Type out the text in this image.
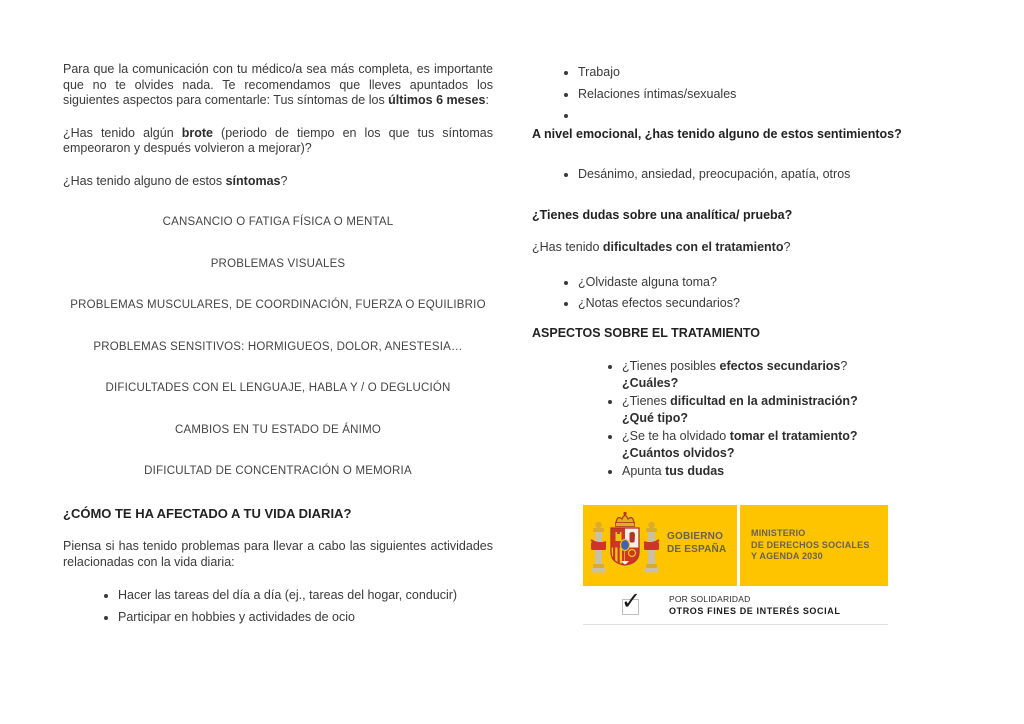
Para que la comunicación con tu médico/a sea más completa, es importante que no te olvides nada. Te recomendamos que lleves apuntados los siguientes aspectos para comentarle: Tus síntomas de los últimos 6 meses:

¿Has tenido algún brote (periodo de tiempo en los que tus síntomas empeoraron y después volvieron a mejorar)?

¿Has tenido alguno de estos síntomas?

CANSANCIO O FATIGA FÍSICA O MENTAL

PROBLEMAS VISUALES

PROBLEMAS MUSCULARES, DE COORDINACIÓN, FUERZA O EQUILIBRIO

PROBLEMAS SENSITIVOS: HORMIGUEOS, DOLOR, ANESTESIA…

DIFICULTADES CON EL LENGUAJE, HABLA Y / O DEGLUCIÓN

CAMBIOS EN TU ESTADO DE ÁNIMO

DIFICULTAD DE CONCENTRACIÓN O MEMORIA

¿CÓMO TE HA AFECTADO A TU VIDA DIARIA?

Piensa si has tenido problemas para llevar a cabo las siguientes actividades relacionadas con la vida diaria:

• Hacer las tareas del día a día (ej., tareas del hogar, conducir)
• Participar en hobbies y actividades de ocio
• Trabajo
• Relaciones íntimas/sexuales
•
A nivel emocional, ¿has tenido alguno de estos sentimientos?
• Desánimo, ansiedad, preocupación, apatía, otros
¿Tienes dudas sobre una analítica/ prueba?

¿Has tenido dificultades con el tratamiento?

• ¿Olvidaste alguna toma?
• ¿Notas efectos secundarios?
ASPECTOS SOBRE EL TRATAMIENTO
• ¿Tienes posibles efectos secundarios?
¿Cuáles?
• ¿Tienes dificultad en la administración?
¿Qué tipo?
• ¿Se te ha olvidado tomar el tratamiento?
¿Cuántos olvidos?
• Apunta tus dudas
GOBIERNO
DE ESPAÑA
MINISTERIO
DE DERECHOS SOCIALES
Y AGENDA 2030
✓	POR SOLIDARIDAD
OTROS FINES DE INTERÉS SOCIAL
